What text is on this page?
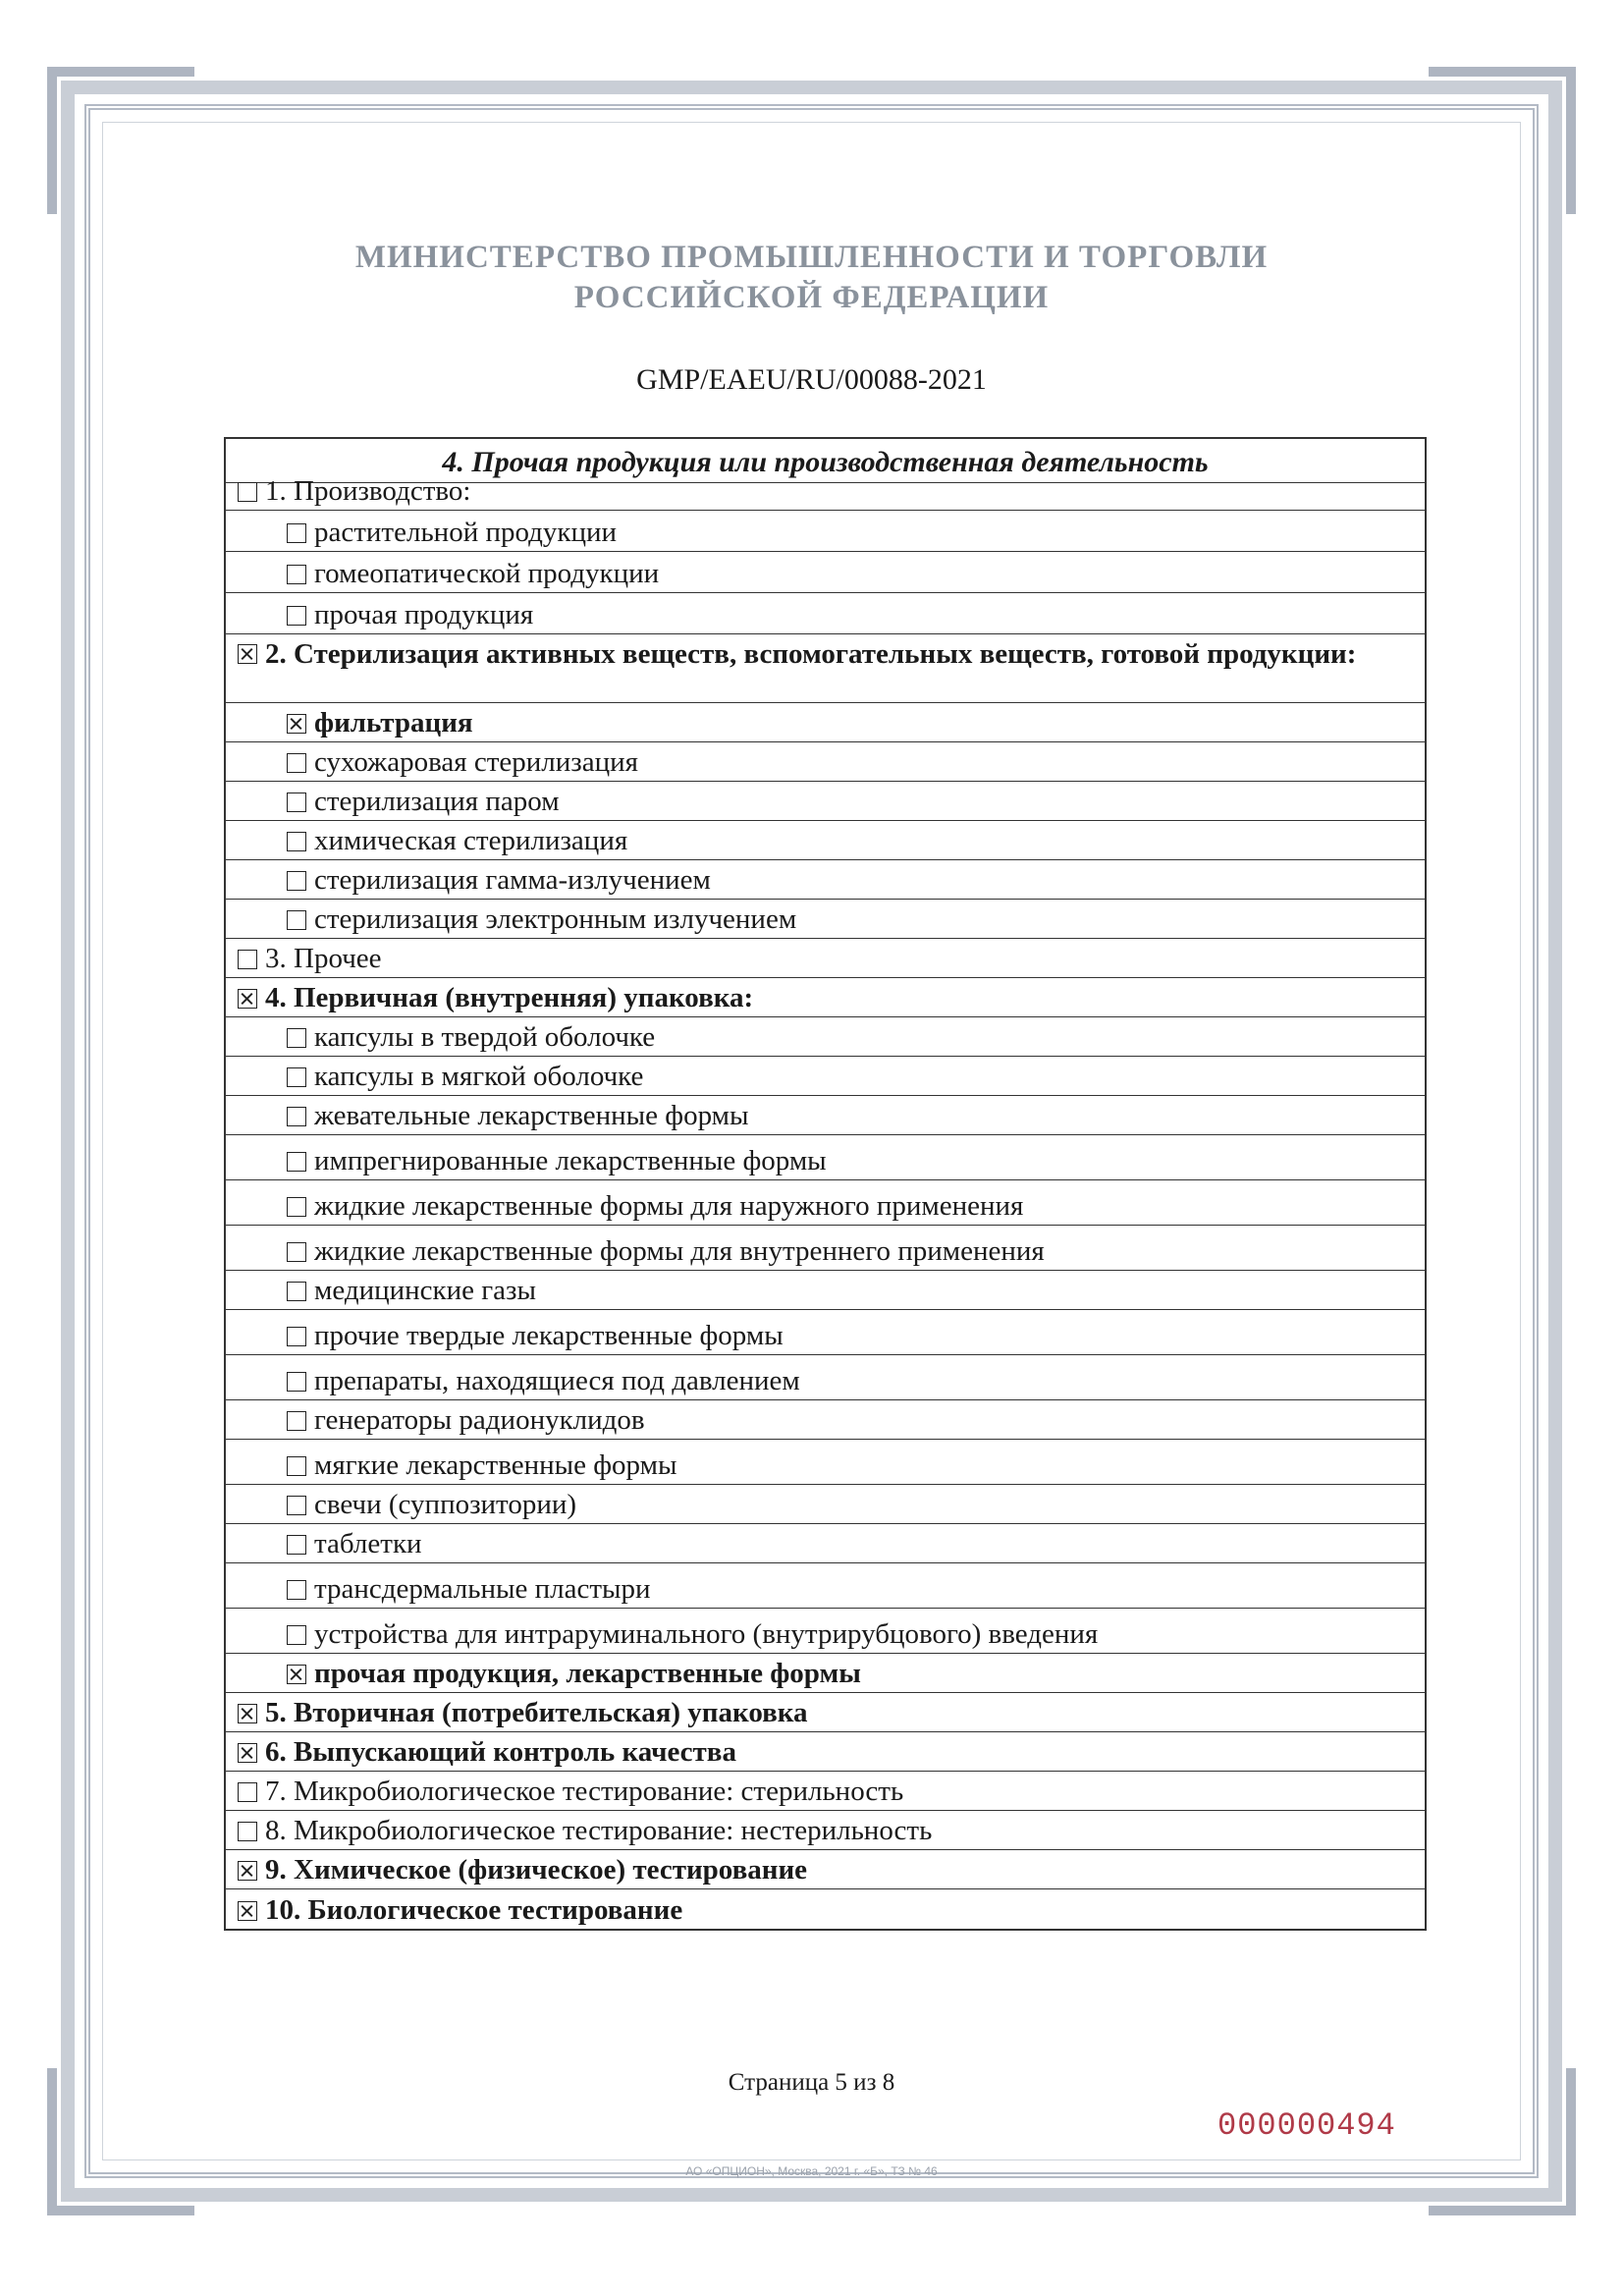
МИНИСТЕРСТВО ПРОМЫШЛЕННОСТИ И ТОРГОВЛИ
РОССИЙСКОЙ ФЕДЕРАЦИИ
GMP/EAEU/RU/00088-2021
4. Прочая продукция или производственная деятельность
1. Производство:
растительной продукции
гомеопатической продукции
прочая продукция
2. Стерилизация активных веществ, вспомогательных веществ, готовой продукции:
фильтрация
сухожаровая стерилизация
стерилизация паром
химическая стерилизация
стерилизация гамма-излучением
стерилизация электронным излучением
3. Прочее
4. Первичная (внутренняя) упаковка:
капсулы в твердой оболочке
капсулы в мягкой оболочке
жевательные лекарственные формы
импрегнированные лекарственные формы
жидкие лекарственные формы для наружного применения
жидкие лекарственные формы для внутреннего применения
медицинские газы
прочие твердые лекарственные формы
препараты, находящиеся под давлением
генераторы радионуклидов
мягкие лекарственные формы
свечи (суппозитории)
таблетки
трансдермальные пластыри
устройства для интраруминального (внутрирубцового) введения
прочая продукция, лекарственные формы
5. Вторичная (потребительская) упаковка
6. Выпускающий контроль качества
7. Микробиологическое тестирование: стерильность
8. Микробиологическое тестирование: нестерильность
9. Химическое (физическое) тестирование
10. Биологическое тестирование
Страница 5 из 8
000000494
АО «ОПЦИОН», Москва, 2021 г. «Б», ТЗ № 46
